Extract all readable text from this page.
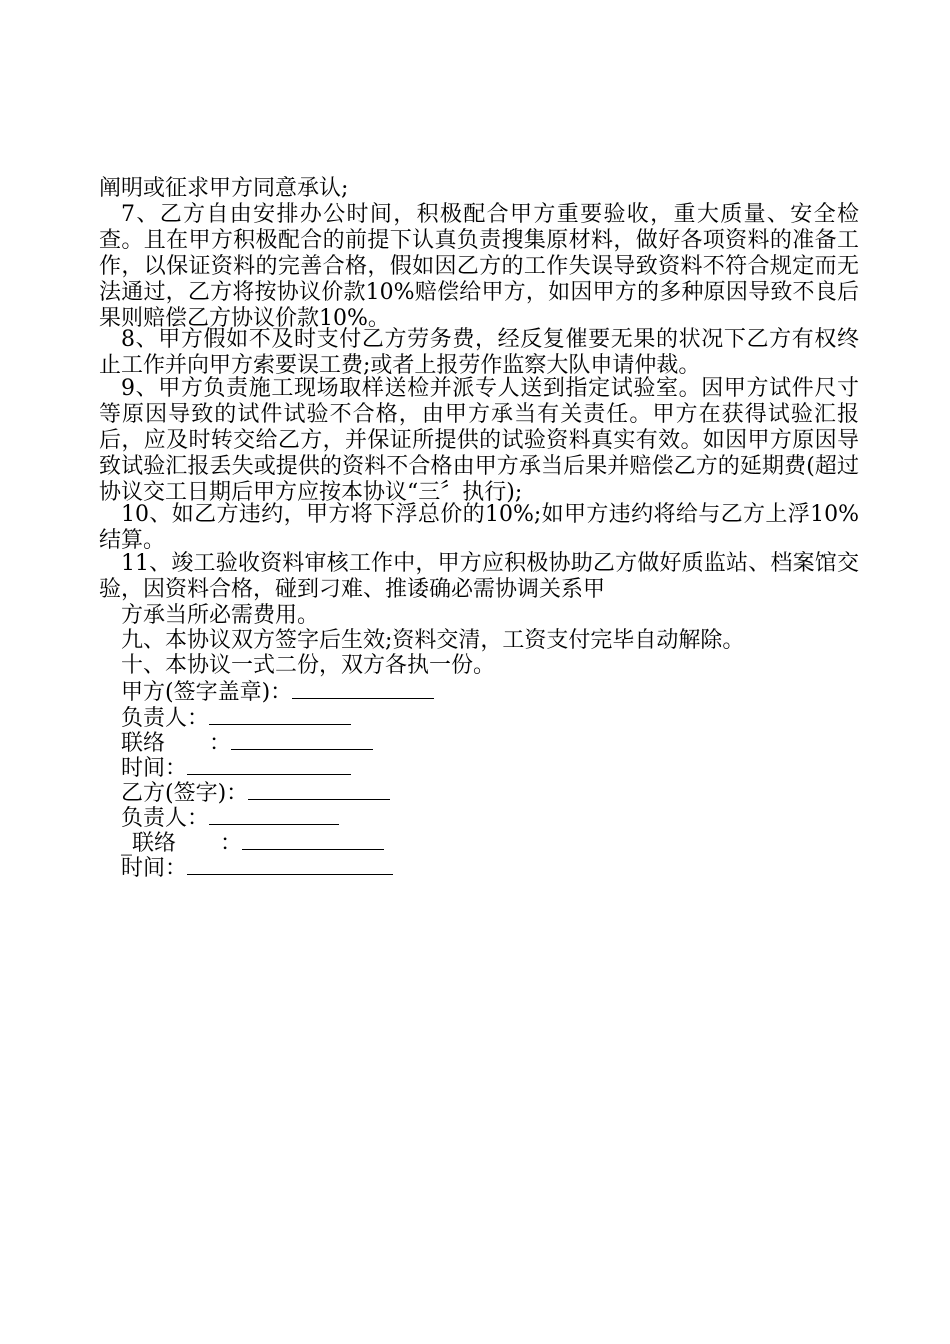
阐明或征求甲方同意承认;

7、乙方自由安排办公时间，积极配合甲方重要验收，重大质量、安全检查。且在甲方积极配合的前提下认真负责搜集原材料，做好各项资料的准备工作，以保证资料的完善合格，假如因乙方的工作失误导致资料不符合规定而无法通过，乙方将按协议价款10%赔偿给甲方，如因甲方的多种原因导致不良后果则赔偿乙方协议价款10%。

8、甲方假如不及时支付乙方劳务费，经反复催要无果的状况下乙方有权终止工作并向甲方索要误工费;或者上报劳作监察大队申请仲裁。

9、甲方负责施工现场取样送检并派专人送到指定试验室。因甲方试件尺寸等原因导致的试件试验不合格，由甲方承当有关责任。甲方在获得试验汇报后，应及时转交给乙方，并保证所提供的试验资料真实有效。如因甲方原因导致试验汇报丢失或提供的资料不合格由甲方承当后果并赔偿乙方的延期费(超过协议交工日期后甲方应按本协议“三〞执行);

10、如乙方违约，甲方将下浮总价的10%;如甲方违约将给与乙方上浮10%结算。

11、竣工验收资料审核工作中，甲方应积极协助乙方做好质监站、档案馆交验，因资料合格，碰到刁难、推诿确必需协调关系甲

方承当所必需费用。

九、本协议双方签字后生效;资料交清，工资支付完毕自动解除。

十、本协议一式二份，双方各执一份。

甲方(签字盖章)：
负责人：
联络　　：
时间：
乙方(签字)：
负责人：
_联络　　：
时间：
